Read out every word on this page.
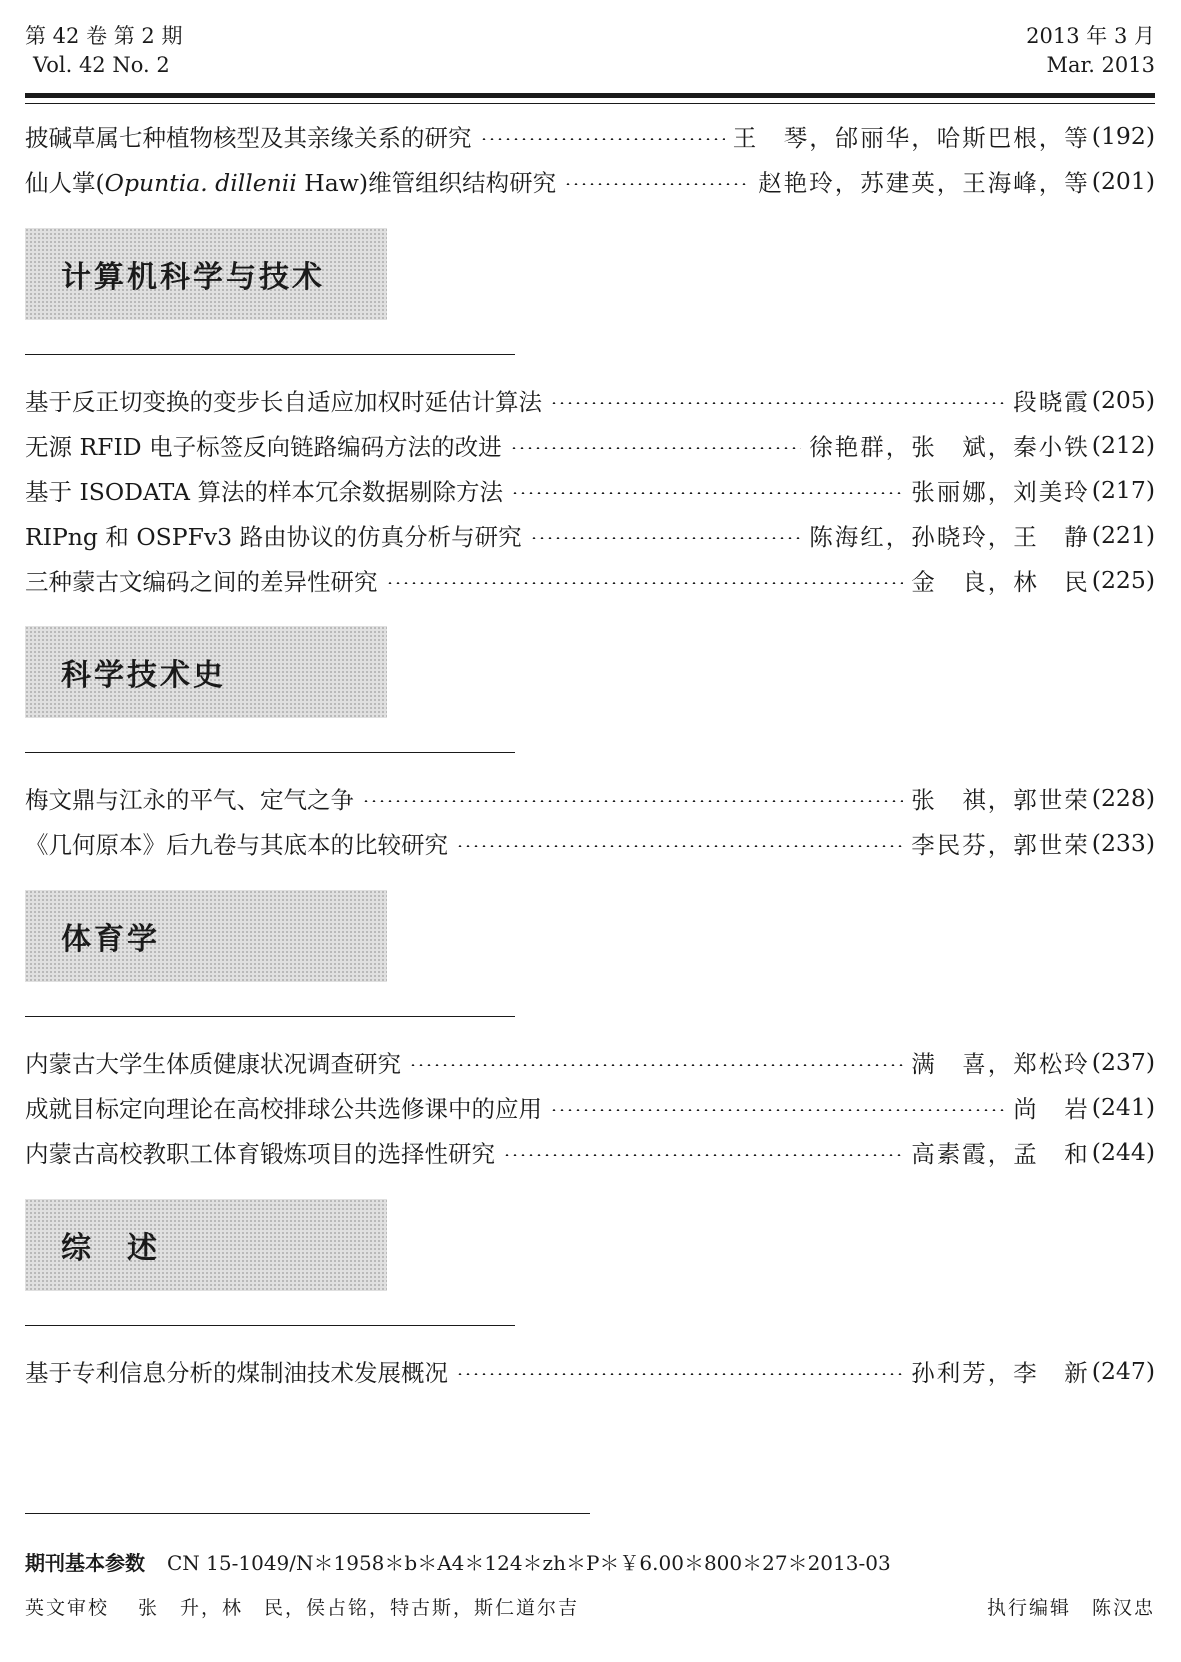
第 42 卷 第 2 期
Vol. 42 No. 2
2013 年 3 月
Mar. 2013
披碱草属七种植物核型及其亲缘关系的研究	王　琴，邰丽华，哈斯巴根，等 (192)
仙人掌(Opuntia. dillenii Haw)维管组织结构研究	赵艳玲，苏建英，王海峰，等 (201)
计算机科学与技术
基于反正切变换的变步长自适应加权时延估计算法	段晓霞 (205)
无源 RFID 电子标签反向链路编码方法的改进	徐艳群，张　斌，秦小铁 (212)
基于 ISODATA 算法的样本冗余数据剔除方法	张丽娜，刘美玲 (217)
RIPng 和 OSPFv3 路由协议的仿真分析与研究	陈海红，孙晓玲，王　静 (221)
三种蒙古文编码之间的差异性研究	金　良，林　民 (225)
科学技术史
梅文鼎与江永的平气、定气之争	张　祺，郭世荣 (228)
《几何原本》后九卷与其底本的比较研究	李民芬，郭世荣 (233)
体育学
内蒙古大学生体质健康状况调查研究	满　喜，郑松玲 (237)
成就目标定向理论在高校排球公共选修课中的应用	尚　岩 (241)
内蒙古高校教职工体育锻炼项目的选择性研究	高素霞，孟　和 (244)
综　述
基于专利信息分析的煤制油技术发展概况	孙利芳，李　新 (247)
期刊基本参数 CN 15-1049/N＊1958＊b＊A4＊124＊zh＊P＊￥6.00＊800＊27＊2013-03
英文审校　 张　升，林　民，侯占铭，特古斯，斯仁道尔吉	执行编辑　陈汉忠
